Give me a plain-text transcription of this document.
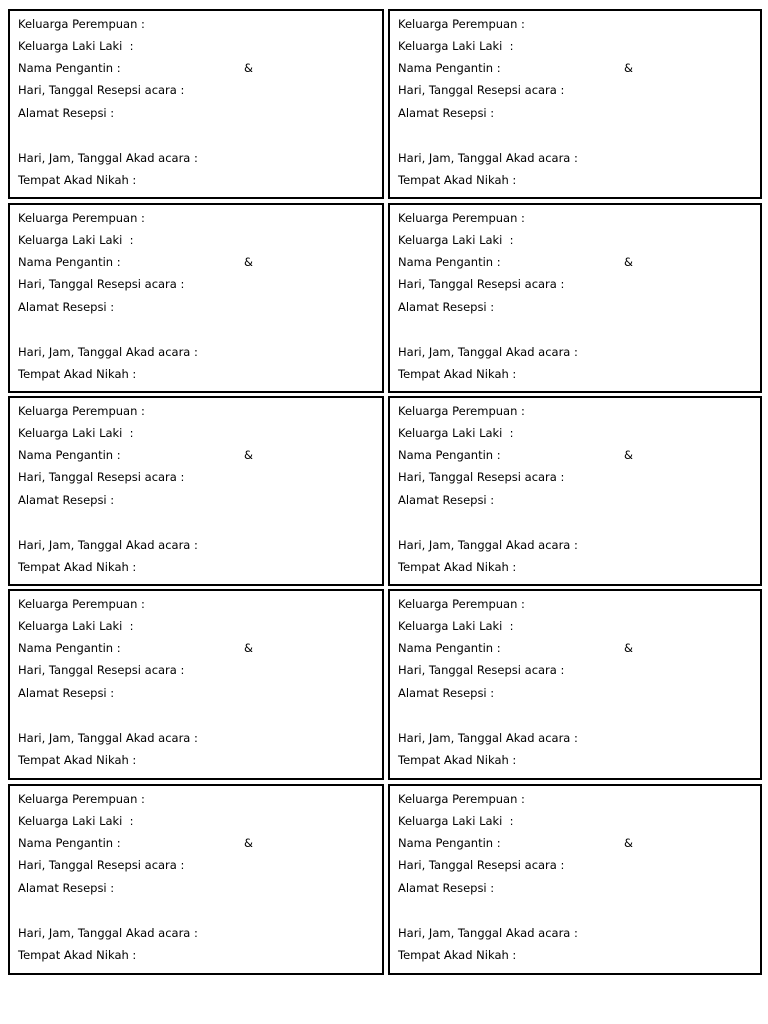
Keluarga Perempuan :
Keluarga Laki Laki  :
Nama Pengantin :
Hari, Tanggal Resepsi acara :
Alamat Resepsi :
Hari, Jam, Tanggal Akad acara :
Tempat Akad Nikah :
&
Keluarga Perempuan :
Keluarga Laki Laki  :
Nama Pengantin :
Hari, Tanggal Resepsi acara :
Alamat Resepsi :
Hari, Jam, Tanggal Akad acara :
Tempat Akad Nikah :
&
Keluarga Perempuan :
Keluarga Laki Laki  :
Nama Pengantin :
Hari, Tanggal Resepsi acara :
Alamat Resepsi :
Hari, Jam, Tanggal Akad acara :
Tempat Akad Nikah :
&
Keluarga Perempuan :
Keluarga Laki Laki  :
Nama Pengantin :
Hari, Tanggal Resepsi acara :
Alamat Resepsi :
Hari, Jam, Tanggal Akad acara :
Tempat Akad Nikah :
&
Keluarga Perempuan :
Keluarga Laki Laki  :
Nama Pengantin :
Hari, Tanggal Resepsi acara :
Alamat Resepsi :
Hari, Jam, Tanggal Akad acara :
Tempat Akad Nikah :
&
Keluarga Perempuan :
Keluarga Laki Laki  :
Nama Pengantin :
Hari, Tanggal Resepsi acara :
Alamat Resepsi :
Hari, Jam, Tanggal Akad acara :
Tempat Akad Nikah :
&
Keluarga Perempuan :
Keluarga Laki Laki  :
Nama Pengantin :
Hari, Tanggal Resepsi acara :
Alamat Resepsi :
Hari, Jam, Tanggal Akad acara :
Tempat Akad Nikah :
&
Keluarga Perempuan :
Keluarga Laki Laki  :
Nama Pengantin :
Hari, Tanggal Resepsi acara :
Alamat Resepsi :
Hari, Jam, Tanggal Akad acara :
Tempat Akad Nikah :
&
Keluarga Perempuan :
Keluarga Laki Laki  :
Nama Pengantin :
Hari, Tanggal Resepsi acara :
Alamat Resepsi :
Hari, Jam, Tanggal Akad acara :
Tempat Akad Nikah :
&
Keluarga Perempuan :
Keluarga Laki Laki  :
Nama Pengantin :
Hari, Tanggal Resepsi acara :
Alamat Resepsi :
Hari, Jam, Tanggal Akad acara :
Tempat Akad Nikah :
&
